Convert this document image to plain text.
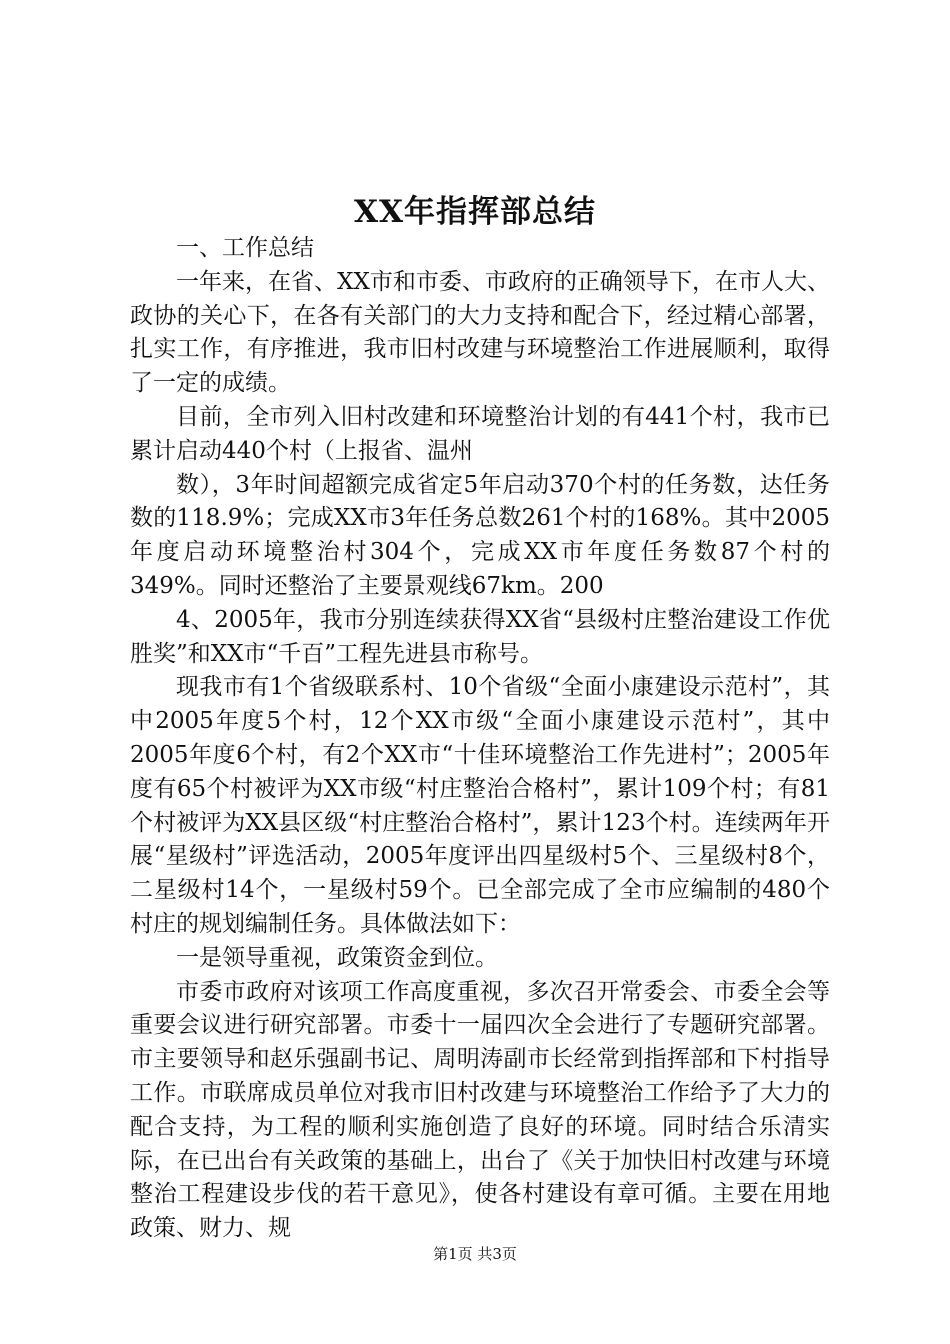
XX年指挥部总结

一、工作总结

一年来，在省、XX市和市委、市政府的正确领导下，在市人大、政协的关心下，在各有关部门的大力支持和配合下，经过精心部署，扎实工作，有序推进，我市旧村改建与环境整治工作进展顺利，取得了一定的成绩。

目前，全市列入旧村改建和环境整治计划的有441个村，我市已累计启动440个村（上报省、温州

数），3年时间超额完成省定5年启动370个村的任务数，达任务数的118.9%；完成XX市3年任务总数261个村的168%。其中2005年度启动环境整治村304个，完成XX市年度任务数87个村的349%。同时还整治了主要景观线67km。200

4、2005年，我市分别连续获得XX省“县级村庄整治建设工作优胜奖”和XX市“千百”工程先进县市称号。

现我市有1个省级联系村、10个省级“全面小康建设示范村”，其中2005年度5个村，12个XX市级“全面小康建设示范村”，其中2005年度6个村，有2个XX市“十佳环境整治工作先进村”；2005年度有65个村被评为XX市级“村庄整治合格村”，累计109个村；有81个村被评为XX县区级“村庄整治合格村”，累计123个村。连续两年开展“星级村”评选活动，2005年度评出四星级村5个、三星级村8个，二星级村14个，一星级村59个。已全部完成了全市应编制的480个村庄的规划编制任务。具体做法如下：

一是领导重视，政策资金到位。

市委市政府对该项工作高度重视，多次召开常委会、市委全会等重要会议进行研究部署。市委十一届四次全会进行了专题研究部署。市主要领导和赵乐强副书记、周明涛副市长经常到指挥部和下村指导工作。市联席成员单位对我市旧村改建与环境整治工作给予了大力的配合支持，为工程的顺利实施创造了良好的环境。同时结合乐清实际，在已出台有关政策的基础上，出台了《关于加快旧村改建与环境整治工程建设步伐的若干意见》，使各村建设有章可循。主要在用地政策、财力、规

第1页 共3页
